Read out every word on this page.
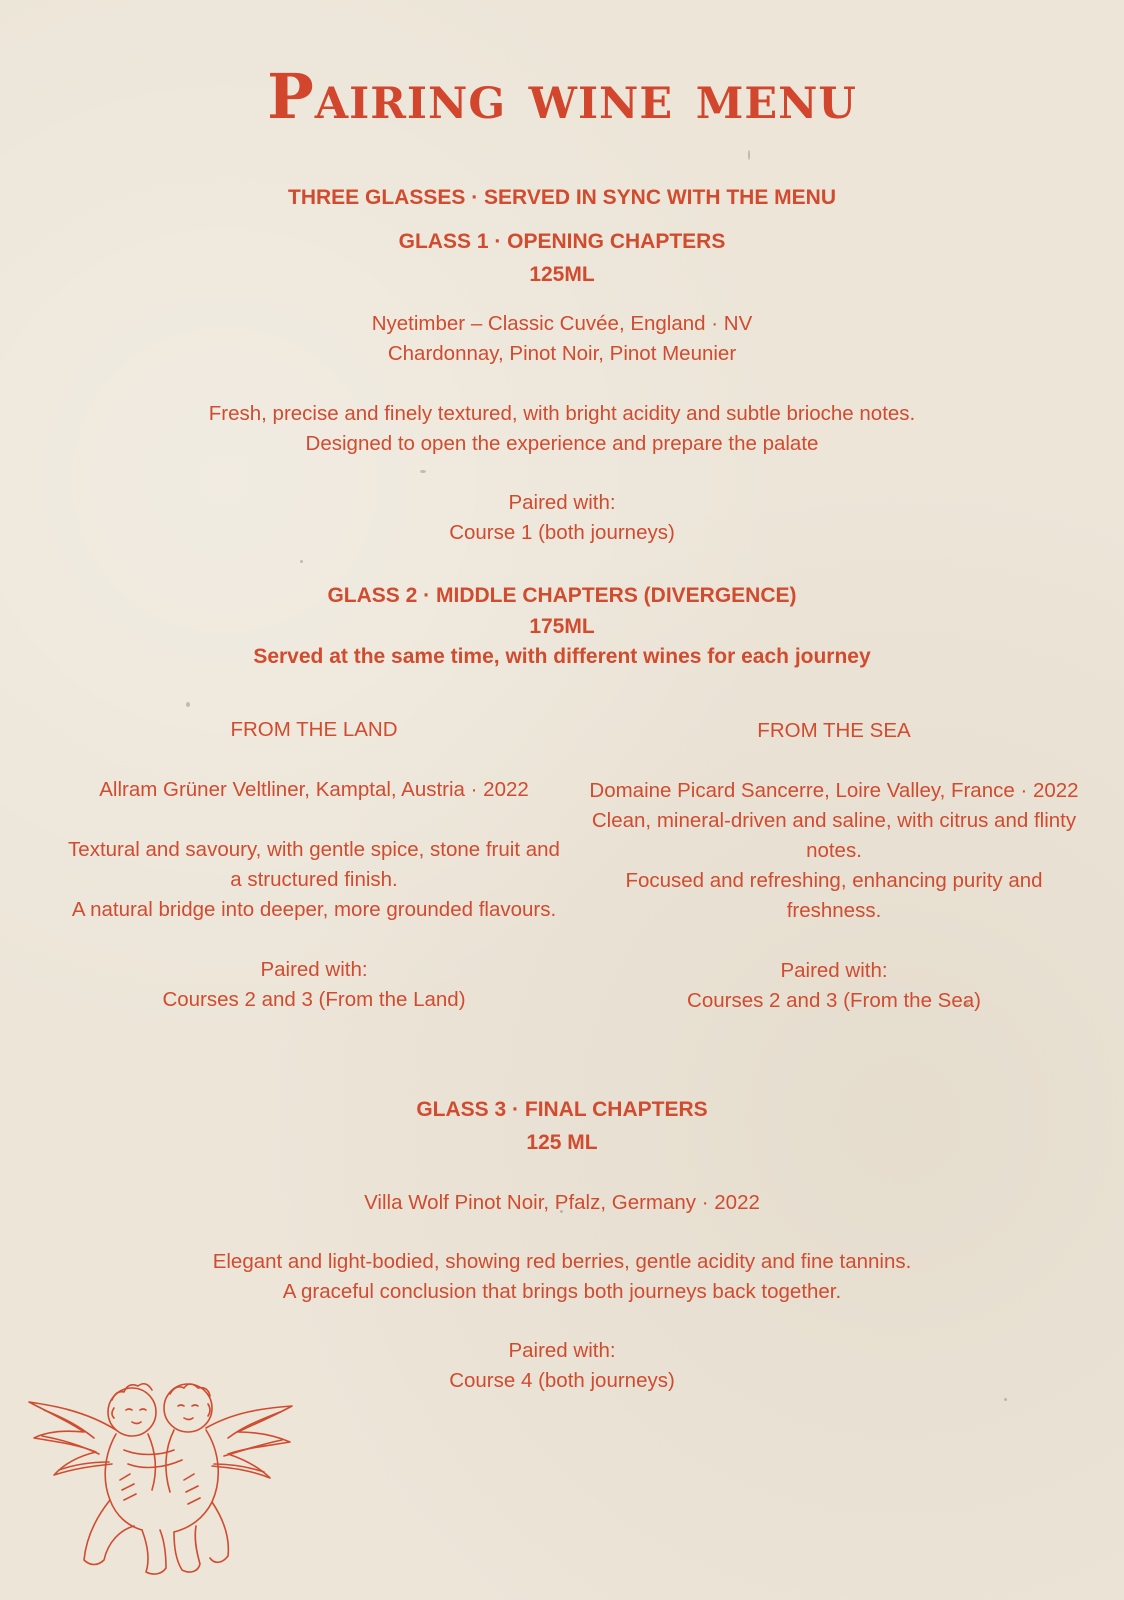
Pairing wine menu
THREE GLASSES · SERVED IN SYNC WITH THE MENU
GLASS 1 · OPENING CHAPTERS
125ML
Nyetimber – Classic Cuvée, England · NV
Chardonnay, Pinot Noir, Pinot Meunier
Fresh, precise and finely textured, with bright acidity and subtle brioche notes.
Designed to open the experience and prepare the palate
Paired with:
Course 1 (both journeys)
GLASS 2 · MIDDLE CHAPTERS (DIVERGENCE)
175ML
Served at the same time, with different wines for each journey
FROM THE LAND
Allram Grüner Veltliner, Kamptal, Austria · 2022
Textural and savoury, with gentle spice, stone fruit and a structured finish.
A natural bridge into deeper, more grounded flavours.
Paired with:
Courses 2 and 3 (From the Land)
FROM THE SEA
Domaine Picard Sancerre, Loire Valley, France · 2022
Clean, mineral-driven and saline, with citrus and flinty notes.
Focused and refreshing, enhancing purity and freshness.
Paired with:
Courses 2 and 3 (From the Sea)
GLASS 3 · FINAL CHAPTERS
125 ML
Villa Wolf Pinot Noir, Pfalz, Germany · 2022
Elegant and light-bodied, showing red berries, gentle acidity and fine tannins.
A graceful conclusion that brings both journeys back together.
Paired with:
Course 4 (both journeys)
